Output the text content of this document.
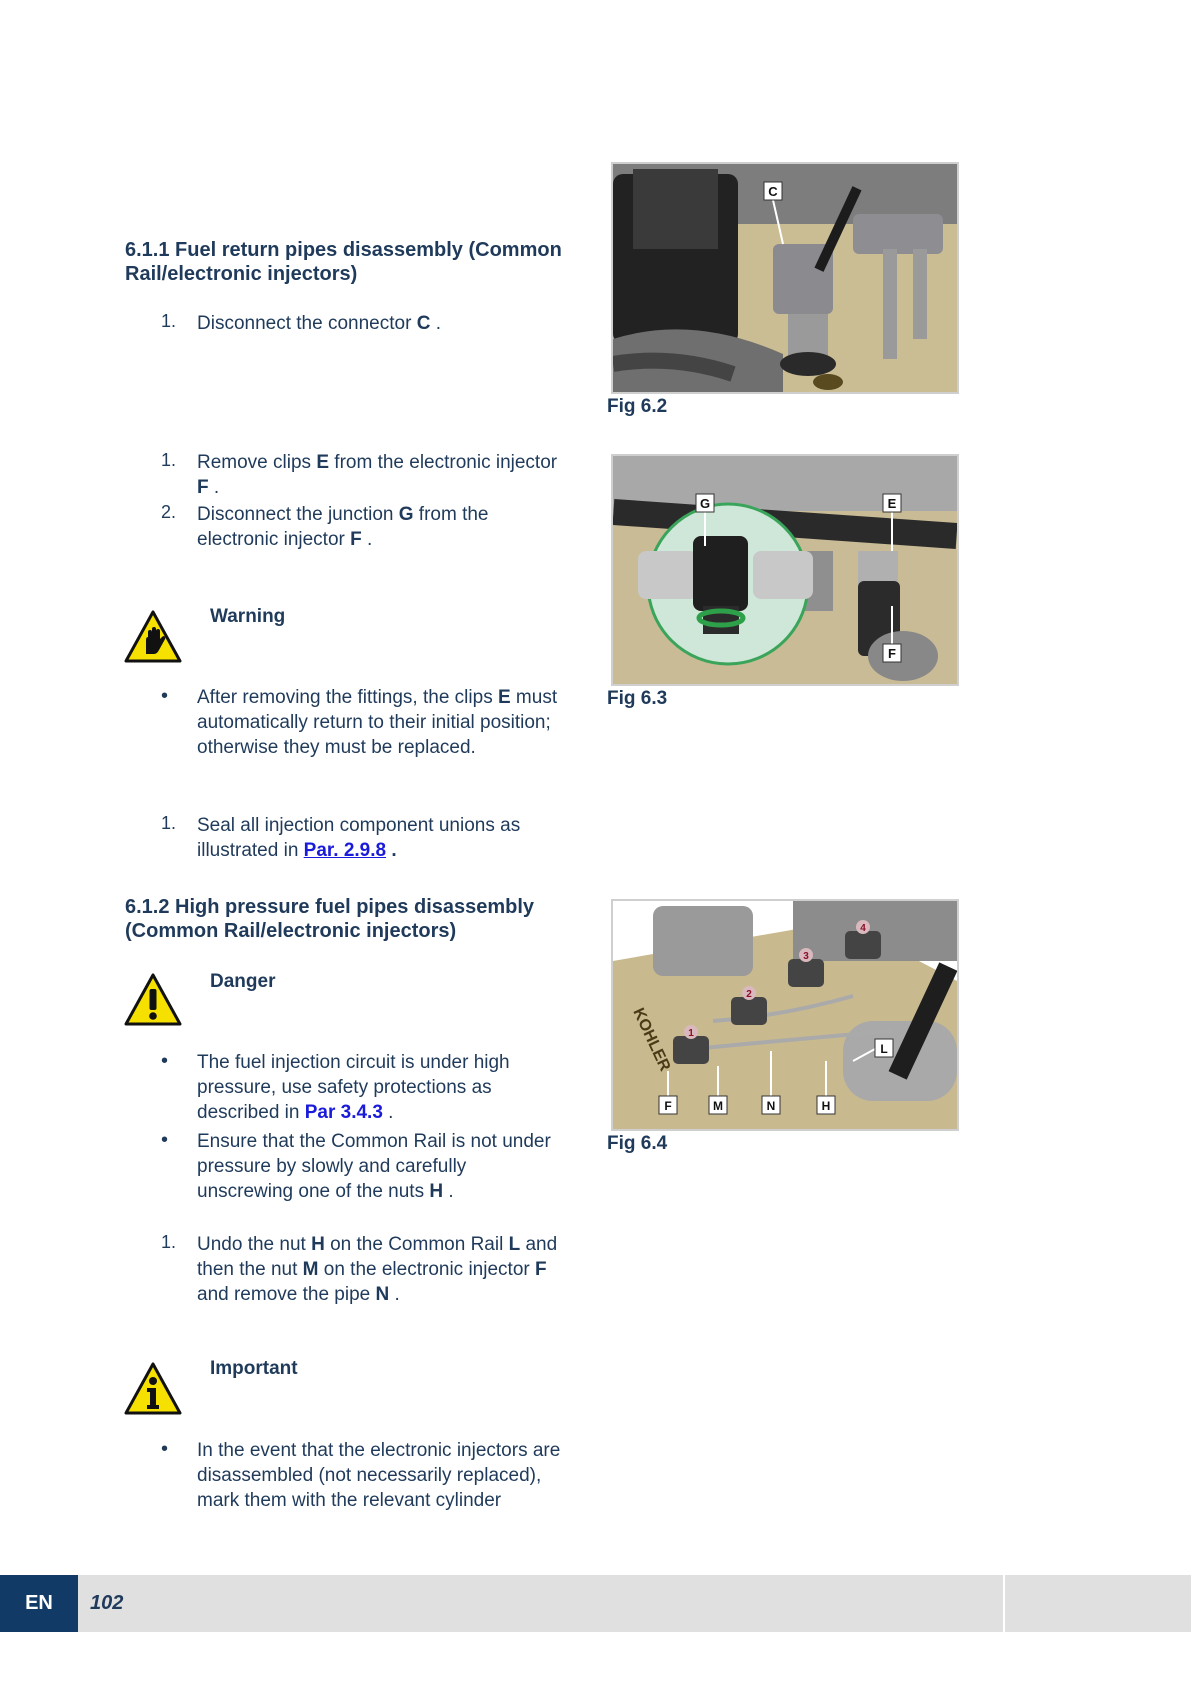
6.1.1 Fuel return pipes disassembly (Common
Rail/electronic injectors)
1. Disconnect the connector C .
1. Remove clips E from the electronic injector
F .
2. Disconnect the junction G from the
electronic injector F .
Warning
• After removing the fittings, the clips E must
automatically return to their initial position;
otherwise they must be replaced.
1. Seal all injection component unions as
illustrated in Par. 2.9.8 .
6.1.2 High pressure fuel pipes disassembly
(Common Rail/electronic injectors)
Danger
• The fuel injection circuit is under high
pressure, use safety protections as
described in Par 3.4.3 .
• Ensure that the Common Rail is not under
pressure by slowly and carefully
unscrewing one of the nuts H .
1. Undo the nut H on the Common Rail L and
then the nut M on the electronic injector F
and remove the pipe N .
Important
• In the event that the electronic injectors are
disassembled (not necessarily replaced),
mark them with the relevant cylinder
C
Fig 6.2
G	E
F
Fig 6.3
1
2
3
4
KOHLER
F	M	N	H
L
Fig 6.4
EN	102
